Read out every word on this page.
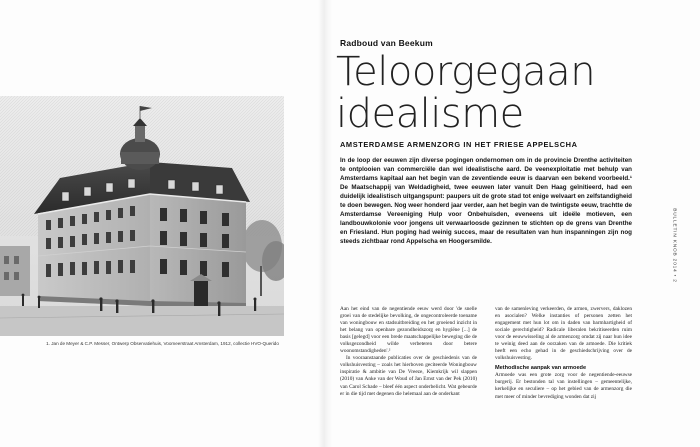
1. Jan de Meyer & C.P. Messer, Ontwerp Observatiehuis, Voomeerstraat Amsterdam, 1912, collectie HVO-Querido
Radboud van Beekum
Teloorgegaan
idealisme
AMSTERDAMSE ARMENZORG IN HET FRIESE APPELSCHA

In de loop der eeuwen zijn diverse pogingen ondernomen om in de provincie Drenthe activiteiten te ontplooien van commerciële dan wel idealistische aard. De veenexploitatie met behulp van Amsterdams kapitaal aan het begin van de zeventiende eeuw is daarvan een bekend voorbeeld.¹ De Maatschappij van Weldadigheid, twee eeuwen later vanuit Den Haag geïnitieerd, had een duidelijk idealistisch uitgangspunt: paupers uit de grote stad tot enige welvaart en zelfstandigheid te doen bewegen. Nog weer honderd jaar verder, aan het begin van de twintigste eeuw, trachtte de Amsterdamse Vereeniging Hulp voor Onbehuisden, eveneens uit ideële motieven, een landbouwkolonie voor jongens uit verwaarloosde gezinnen te stichten op de grens van Drenthe en Friesland. Hun poging had weinig succes, maar de resultaten van hun inspanningen zijn nog steeds zichtbaar rond Appelscha en Hoogersmilde.

Aan het eind van de negentiende eeuw werd door 'de snelle groei van de stedelijke bevolking, de ongecontroleerde toename van woningbouw en stadsuitbreiding en het groeiend inzicht in het belang van openbare gezondheidszorg en hygiëne [...] de basis [gelegd] voor een brede maatschappelijke beweging die de volksgezondheid wilde verbeteren door betere woonomstandigheden'.²

In vooraanstaande publicaties over de geschiedenis van de volkshuisvesting – zoals het hierboven geciteerde Woningbouw inspiratie & ambitie van De Vreeze, Kiemkrijk wil slappen (2010) van Anke van der Woud of Jan Ernst van der Pek (2010) van Carol Schade – bleef één aspect onderbelicht. Wat gebeurde er in die tijd met degenen die helemaal aan de onderkant

van de samenleving verkeerden, de armen, zwervers, daklozen en asocialen? Welke instanties of personen zetten het engagement met hun lot om in daden van barmhartigheid of sociale gerechtigheid? Radicale liberalen bekritiseerden ruim voor de eeuwwisseling al de armenzorg omdat zij naar hun idee te weinig deed aan de oorzaken van de armoede. Die kritiek heeft een echo gehad in de geschiedschrijving over de volkshuisvesting.

Methodische aanpak van armoede

Armoede was een grote zorg voor de negentiende-eeuwse burgerij. Er bestonden tal van instellingen – gemeentelijke, kerkelijke en seculiere – op het gebied van de armenzorg die met meer of minder bevrediging wonden dat zij

BULLETIN KNOB 2014 • 2
